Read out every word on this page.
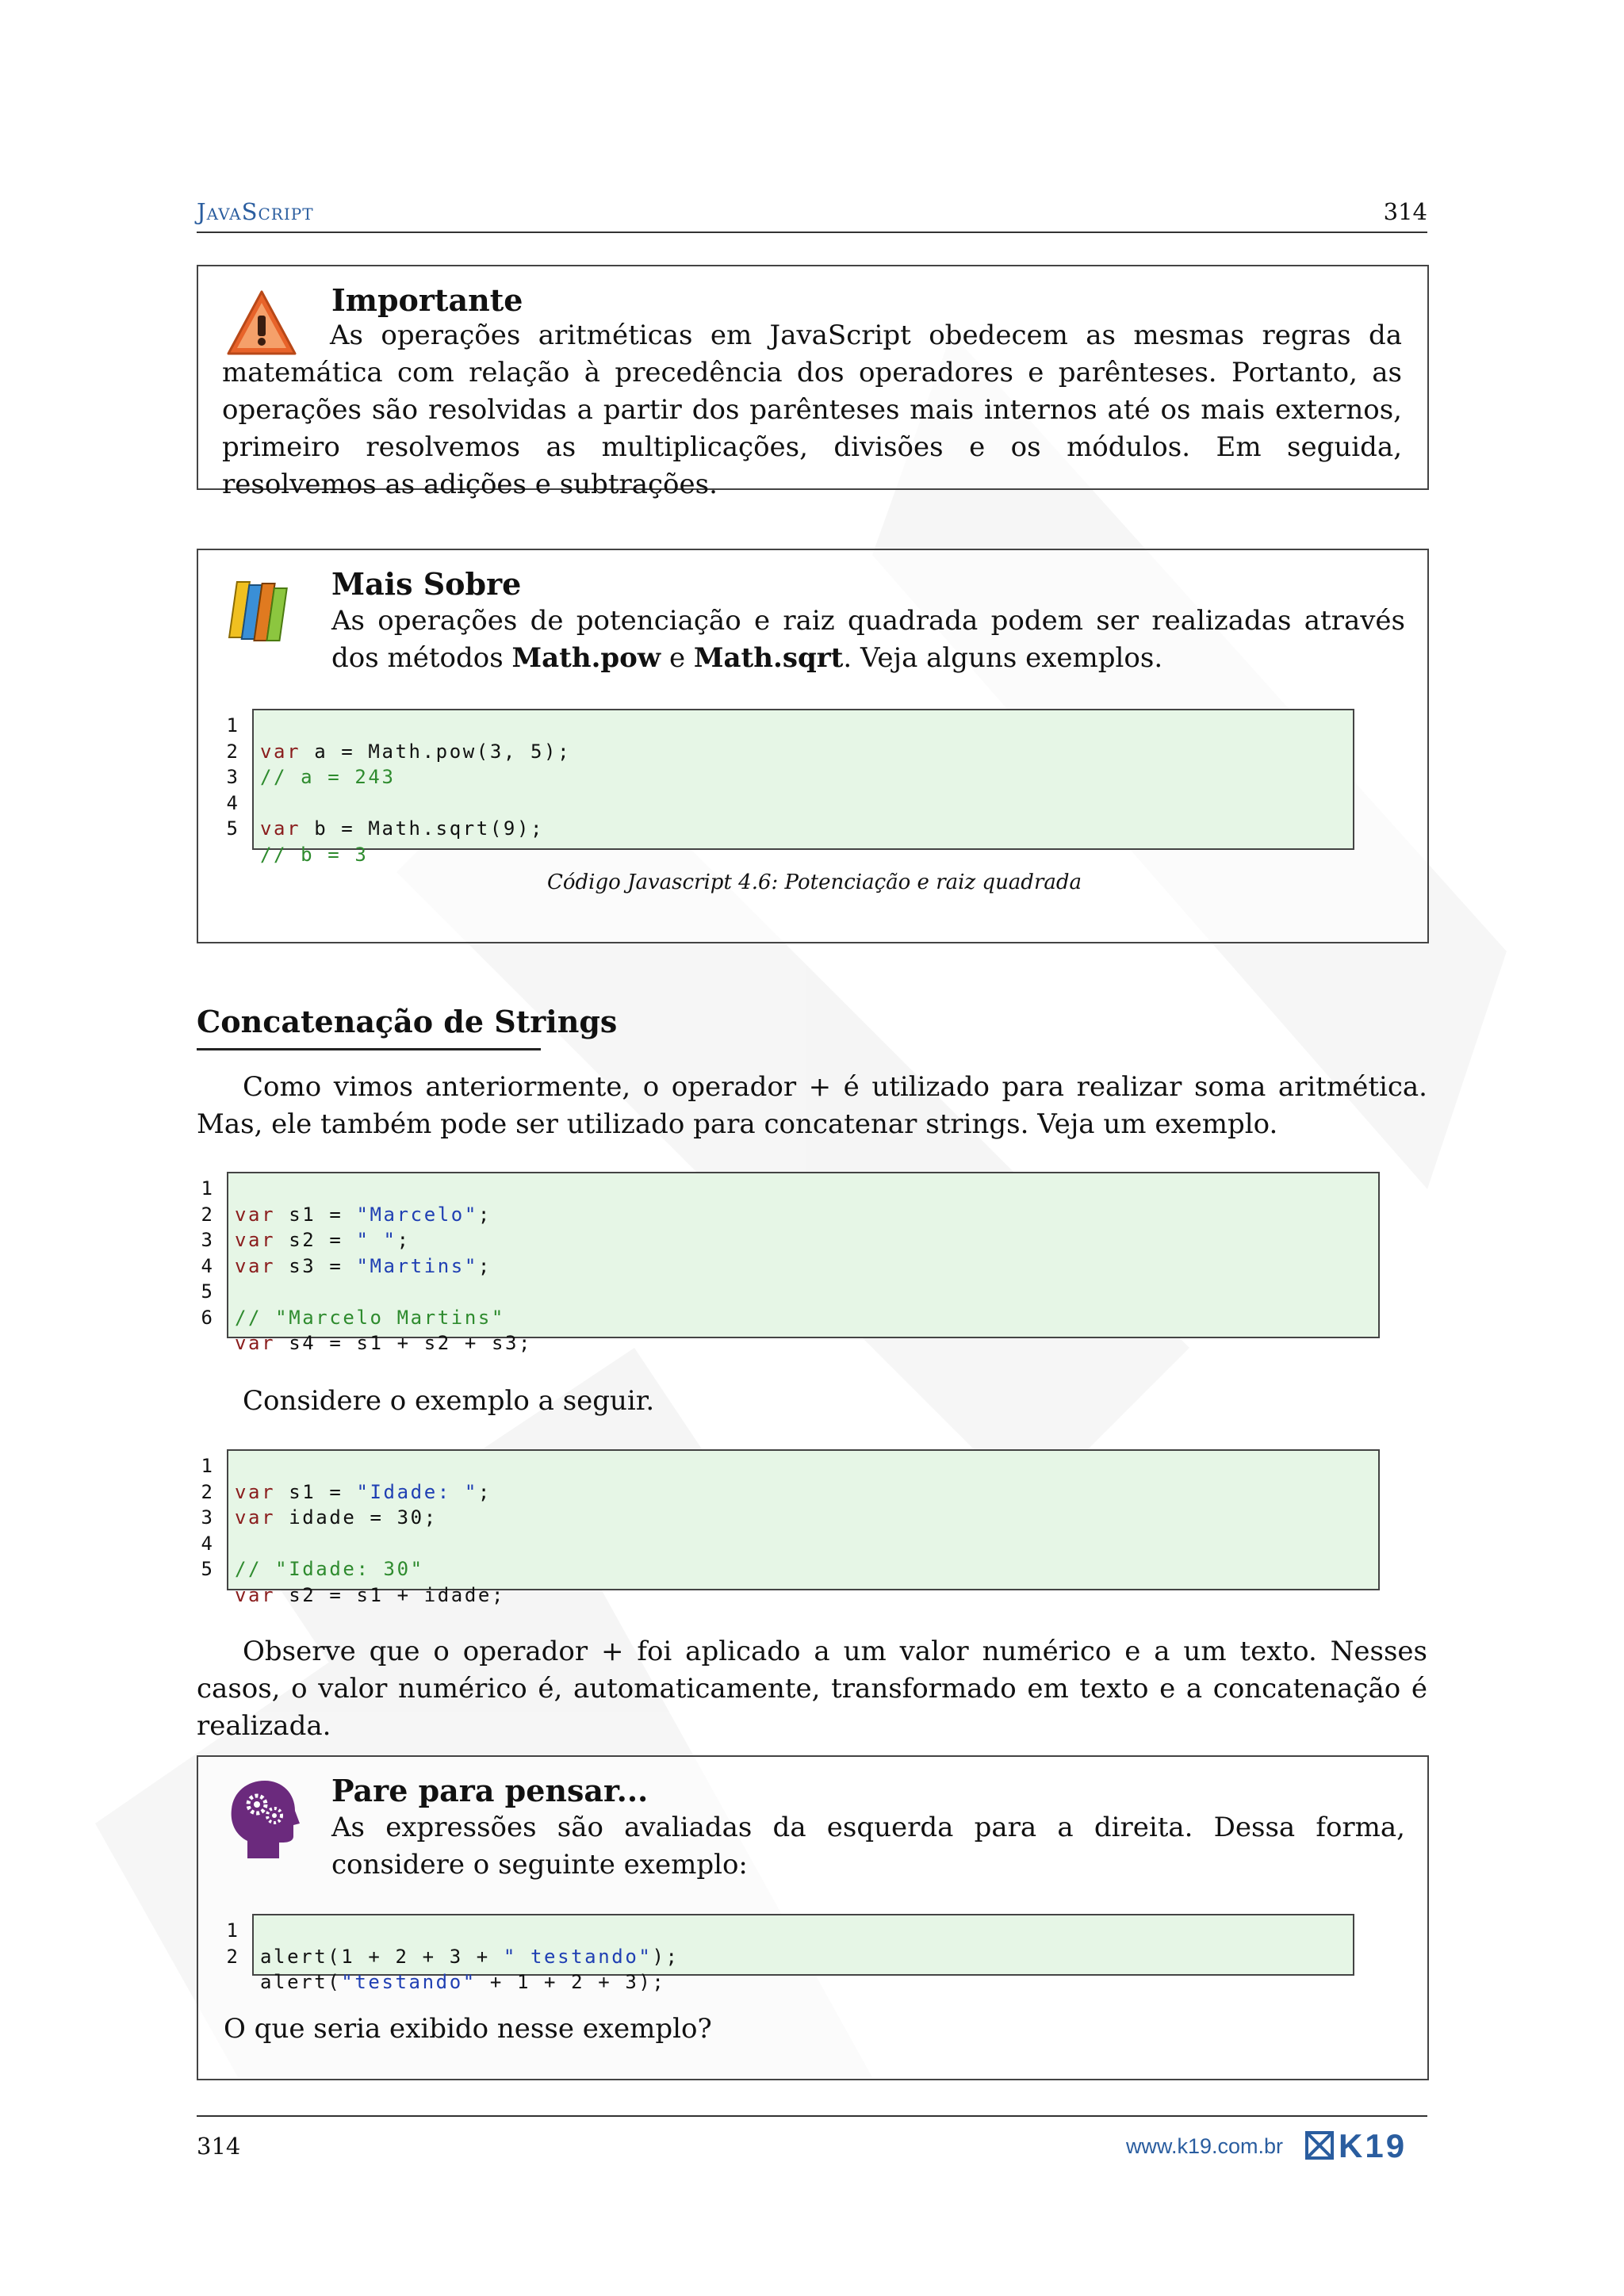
JavaScript	314
Importante
As operações aritméticas em JavaScript obedecem as mesmas regras da matemática com relação à precedência dos operadores e parênteses. Portanto, as operações são resolvidas a partir dos parênteses mais internos até os mais externos, primeiro resolvemos as multiplicações, divisões e os módulos. Em seguida, resolvemos as adições e subtrações.
Mais Sobre
As operações de potenciação e raiz quadrada podem ser realizadas através dos métodos Math.pow e Math.sqrt. Veja alguns exemplos.
Código Javascript 4.6: Potenciação e raiz quadrada
1
2
3
4
5

var a = Math.pow(3, 5);
// a = 243

var b = Math.sqrt(9);
// b = 3

Concatenação de Strings
Como vimos anteriormente, o operador + é utilizado para realizar soma aritmética. Mas, ele também pode ser utilizado para concatenar strings. Veja um exemplo.
1
2
3
4
5
6

var s1 = "Marcelo";
var s2 = " ";
var s3 = "Martins";

// "Marcelo Martins"
var s4 = s1 + s2 + s3;

Considere o exemplo a seguir.
1
2
3
4
5

var s1 = "Idade: ";
var idade = 30;

// "Idade: 30"
var s2 = s1 + idade;

Observe que o operador + foi aplicado a um valor numérico e a um texto. Nesses casos, o valor numérico é, automaticamente, transformado em texto e a concatenação é realizada.
Pare para pensar...
As expressões são avaliadas da esquerda para a direita. Dessa forma, considere o seguinte exemplo:
O que seria exibido nesse exemplo?
1
2 alert(1 + 2 + 3 + " testando");
alert("testando" + 1 + 2 + 3);

314	www.k19.com.br K19
